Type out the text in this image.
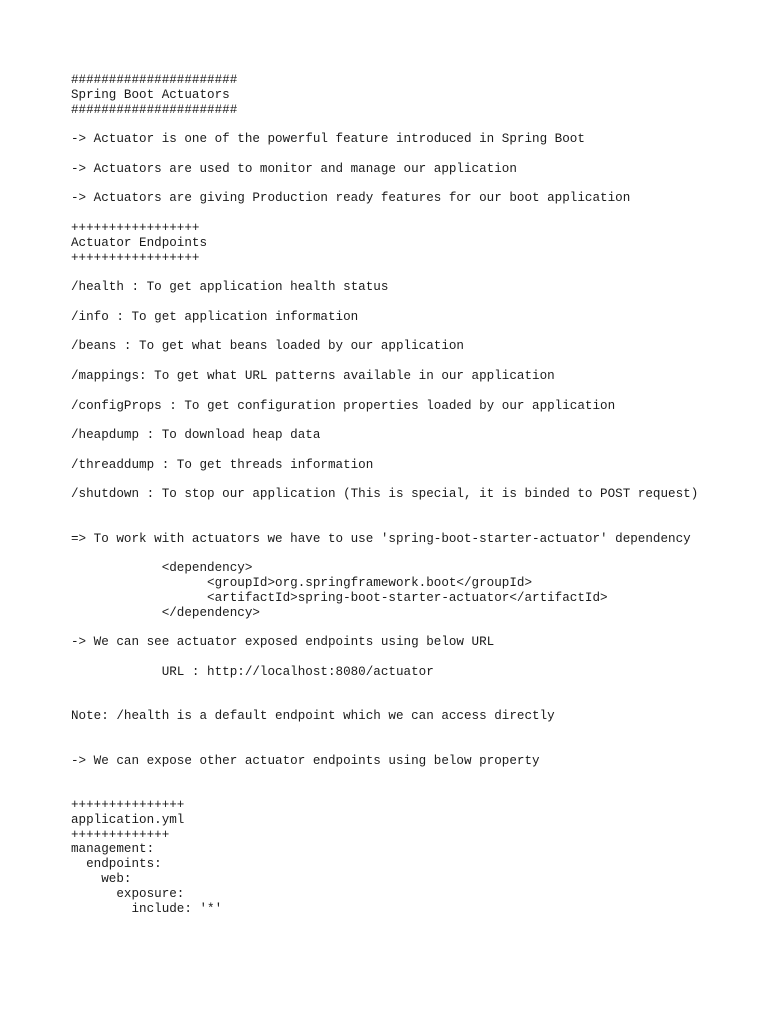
######################

Spring Boot Actuators

######################

-> Actuator is one of the powerful feature introduced in Spring Boot

-> Actuators are used to monitor and manage our application

-> Actuators are giving Production ready features for our boot application

+++++++++++++++++

Actuator Endpoints

+++++++++++++++++

/health : To get application health status

/info : To get application information

/beans : To get what beans loaded by our application

/mappings: To get what URL patterns available in our application

/configProps : To get configuration properties loaded by our application

/heapdump : To download heap data

/threaddump : To get threads information

/shutdown : To stop our application (This is special, it is binded to POST request)

=> To work with actuators we have to use 'spring-boot-starter-actuator' dependency

<dependency>

<groupId>org.springframework.boot</groupId>

<artifactId>spring-boot-starter-actuator</artifactId>

</dependency>

-> We can see actuator exposed endpoints using below URL

URL : http://localhost:8080/actuator

Note: /health is a default endpoint which we can access directly

-> We can expose other actuator endpoints using below property

+++++++++++++++

application.yml

+++++++++++++

management:

endpoints:

web:

exposure:

include: '*'
